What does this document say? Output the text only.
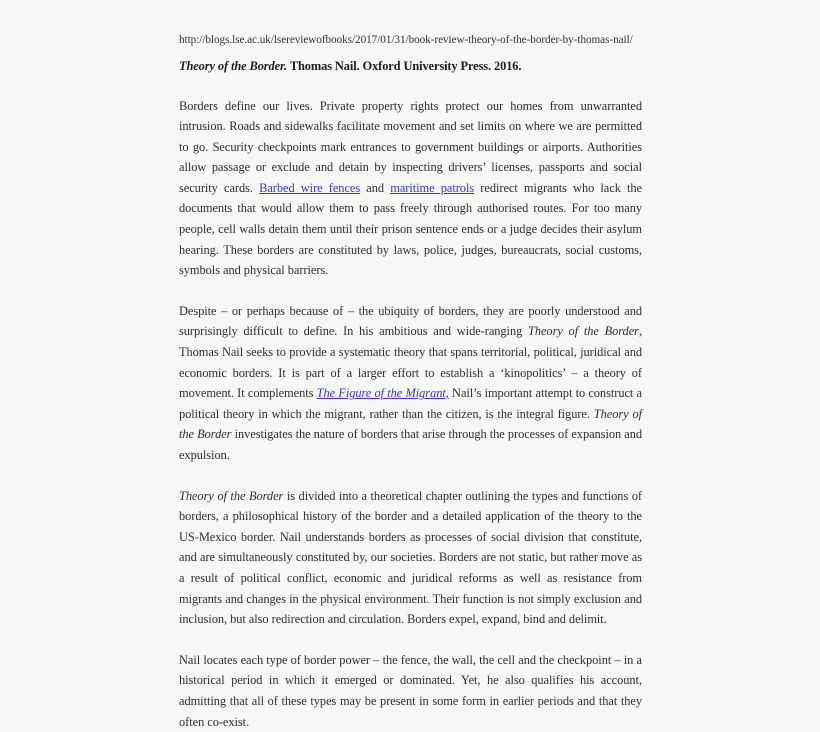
http://blogs.lse.ac.uk/lsereviewofbooks/2017/01/31/book-review-theory-of-the-border-by-thomas-nail/
Theory of the Border. Thomas Nail. Oxford University Press. 2016.

Borders define our lives. Private property rights protect our homes from unwarranted intrusion. Roads and sidewalks facilitate movement and set limits on where we are permitted to go. Security checkpoints mark entrances to government buildings or airports. Authorities allow passage or exclude and detain by inspecting drivers’ licenses, passports and social security cards. Barbed wire fences and maritime patrols redirect migrants who lack the documents that would allow them to pass freely through authorised routes. For too many people, cell walls detain them until their prison sentence ends or a judge decides their asylum hearing. These borders are constituted by laws, police, judges, bureaucrats, social customs, symbols and physical barriers.

Despite – or perhaps because of – the ubiquity of borders, they are poorly understood and surprisingly difficult to define. In his ambitious and wide-ranging Theory of the Border, Thomas Nail seeks to provide a systematic theory that spans territorial, political, juridical and economic borders. It is part of a larger effort to establish a ‘kinopolitics’ – a theory of movement. It complements The Figure of the Migrant, Nail’s important attempt to construct a political theory in which the migrant, rather than the citizen, is the integral figure. Theory of the Border investigates the nature of borders that arise through the processes of expansion and expulsion.

Theory of the Border is divided into a theoretical chapter outlining the types and functions of borders, a philosophical history of the border and a detailed application of the theory to the US-Mexico border. Nail understands borders as processes of social division that constitute, and are simultaneously constituted by, our societies. Borders are not static, but rather move as a result of political conflict, economic and juridical reforms as well as resistance from migrants and changes in the physical environment. Their function is not simply exclusion and inclusion, but also redirection and circulation. Borders expel, expand, bind and delimit.

Nail locates each type of border power – the fence, the wall, the cell and the checkpoint – in a historical period in which it emerged or dominated. Yet, he also qualifies his account, admitting that all of these types may be present in some form in earlier periods and that they often co-exist.
